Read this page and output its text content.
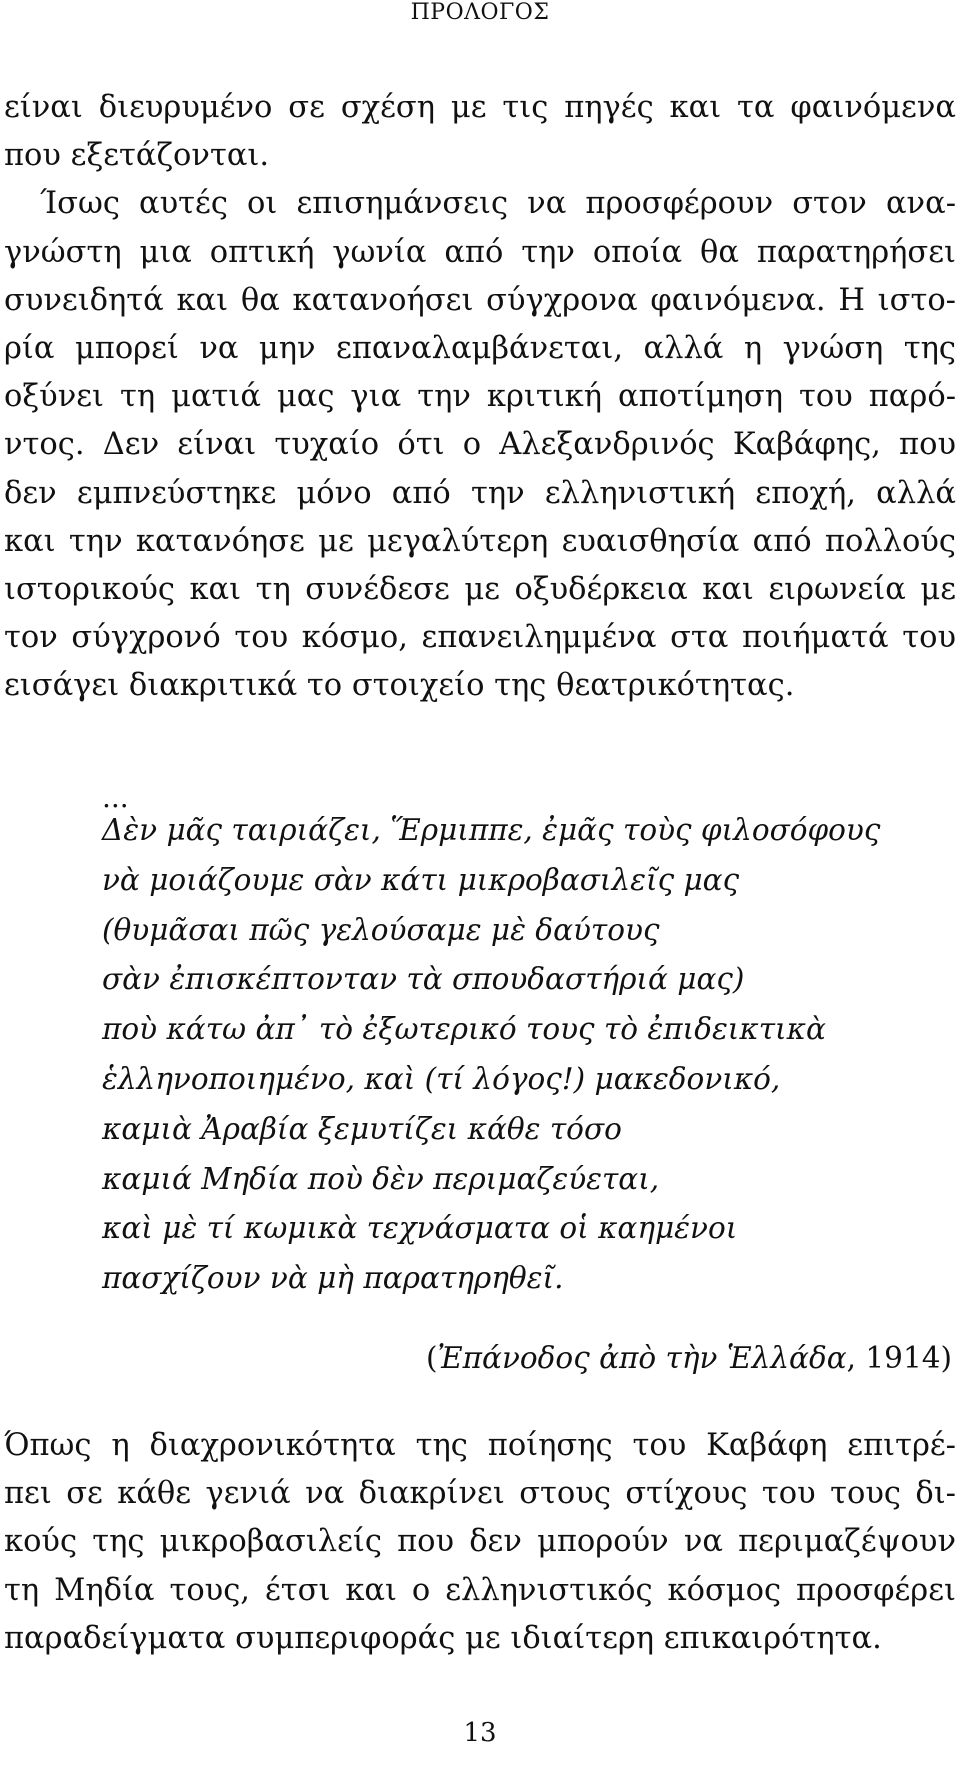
ΠΡΟΛΟΓΟΣ
είναι διευρυμένο σε σχέση με τις πηγές και τα φαινόμενα
που εξετάζονται.
Ίσως αυτές οι επισημάνσεις να προσφέρουν στον ανα-
γνώστη μια οπτική γωνία από την οποία θα παρατηρήσει
συνειδητά και θα κατανοήσει σύγχρονα φαινόμενα. Η ιστο-
ρία μπορεί να μην επαναλαμβάνεται, αλλά η γνώση της
οξύνει τη ματιά μας για την κριτική αποτίμηση του παρό-
ντος. Δεν είναι τυχαίο ότι ο Αλεξανδρινός Καβάφης, που
δεν εμπνεύστηκε μόνο από την ελληνιστική εποχή, αλλά
και την κατανόησε με μεγαλύτερη ευαισθησία από πολλούς
ιστορικούς και τη συνέδεσε με οξυδέρκεια και ειρωνεία με
τον σύγχρονό του κόσμο, επανειλημμένα στα ποιήματά του
εισάγει διακριτικά το στοιχείο της θεατρικότητας.
...
Δὲν μᾶς ταιριάζει, Ἕρμιππε, ἐμᾶς τοὺς φιλοσόφους
νὰ μοιάζουμε σὰν κάτι μικροβασιλεῖς μας
(θυμᾶσαι πῶς γελούσαμε μὲ δαύτους
σὰν ἐπισκέπτονταν τὰ σπουδαστήριά μας)
ποὺ κάτω ἀπ᾽ τὸ ἐξωτερικό τους τὸ ἐπιδεικτικὰ
ἑλληνοποιημένο, καὶ (τί λόγος!) μακεδονικό,
καμιὰ Ἀραβία ξεμυτίζει κάθε τόσο
καμιά Μηδία ποὺ δὲν περιμαζεύεται,
καὶ μὲ τί κωμικὰ τεχνάσματα οἱ καημένοι
πασχίζουν νὰ μὴ παρατηρηθεῖ.
(Ἐπάνοδος ἀπὸ τὴν Ἑλλάδα, 1914)
Όπως η διαχρονικότητα της ποίησης του Καβάφη επιτρέ-
πει σε κάθε γενιά να διακρίνει στους στίχους του τους δι-
κούς της μικροβασιλείς που δεν μπορούν να περιμαζέψουν
τη Μηδία τους, έτσι και ο ελληνιστικός κόσμος προσφέρει
παραδείγματα συμπεριφοράς με ιδιαίτερη επικαιρότητα.
13
